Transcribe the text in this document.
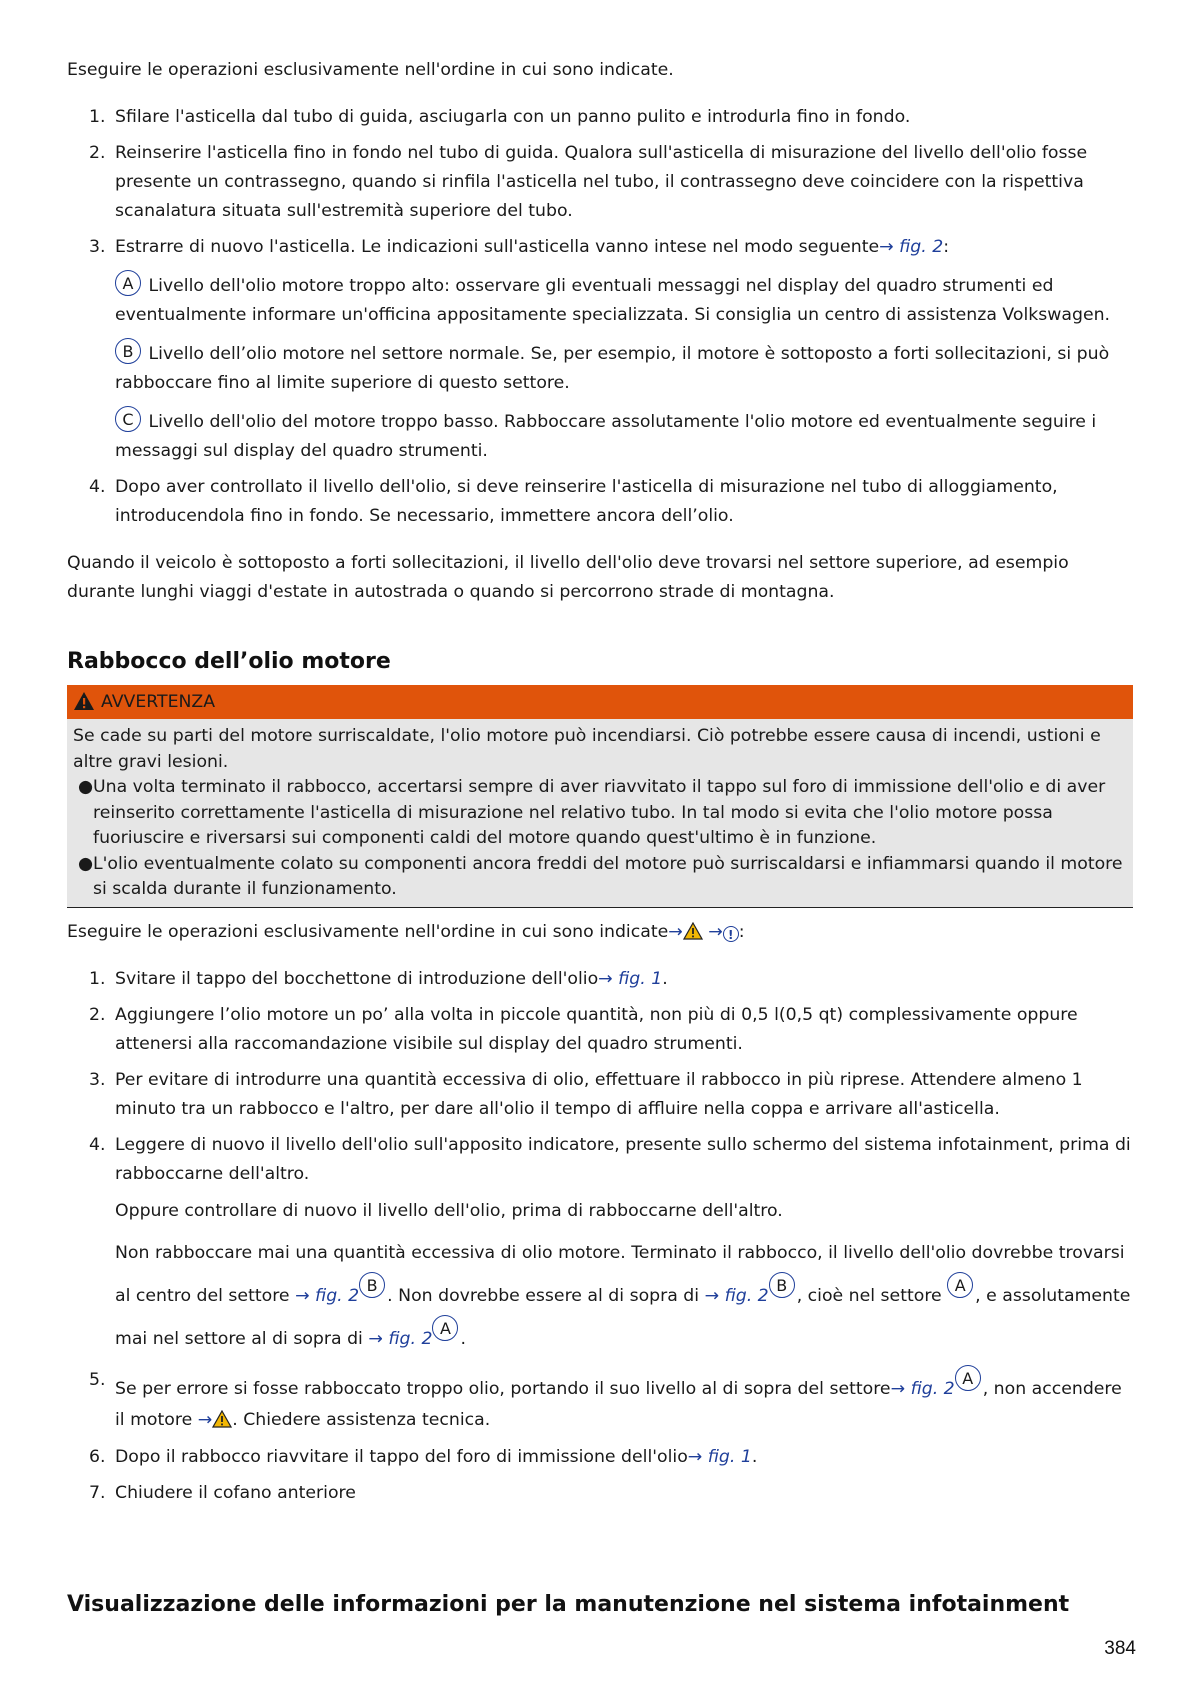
Eseguire le operazioni esclusivamente nell'ordine in cui sono indicate.

1. Sfilare l'asticella dal tubo di guida, asciugarla con un panno pulito e introdurla fino in fondo.
2. Reinserire l'asticella fino in fondo nel tubo di guida. Qualora sull'asticella di misurazione del livello dell'olio fosse presente un contrassegno, quando si rinfila l'asticella nel tubo, il contrassegno deve coincidere con la rispettiva scanalatura situata sull'estremità superiore del tubo.
3. Estrarre di nuovo l'asticella. Le indicazioni sull'asticella vanno intese nel modo seguente→ fig. 2:
A Livello dell'olio motore troppo alto: osservare gli eventuali messaggi nel display del quadro strumenti ed eventualmente informare un'officina appositamente specializzata. Si consiglia un centro di assistenza Volkswagen.
B Livello dell’olio motore nel settore normale. Se, per esempio, il motore è sottoposto a forti sollecitazioni, si può rabboccare fino al limite superiore di questo settore.
C Livello dell'olio del motore troppo basso. Rabboccare assolutamente l'olio motore ed eventualmente seguire i messaggi sul display del quadro strumenti.
4. Dopo aver controllato il livello dell'olio, si deve reinserire l'asticella di misurazione nel tubo di alloggiamento, introducendola fino in fondo. Se necessario, immettere ancora dell’olio.

Quando il veicolo è sottoposto a forti sollecitazioni, il livello dell'olio deve trovarsi nel settore superiore, ad esempio durante lunghi viaggi d'estate in autostrada o quando si percorrono strade di montagna.

Rabbocco dell’olio motore
AVVERTENZA

Se cade su parti del motore surriscaldate, l'olio motore può incendiarsi. Ciò potrebbe essere causa di incendi, ustioni e altre gravi lesioni.

● Una volta terminato il rabbocco, accertarsi sempre di aver riavvitato il tappo sul foro di immissione dell'olio e di aver reinserito correttamente l'asticella di misurazione nel relativo tubo. In tal modo si evita che l'olio motore possa fuoriuscire e riversarsi sui componenti caldi del motore quando quest'ultimo è in funzione.
● L'olio eventualmente colato su componenti ancora freddi del motore può surriscaldarsi e infiammarsi quando il motore si scalda durante il funzionamento.

Eseguire le operazioni esclusivamente nell'ordine in cui sono indicate→ → ! :

1. Svitare il tappo del bocchettone di introduzione dell'olio→ fig. 1.
2. Aggiungere l’olio motore un po’ alla volta in piccole quantità, non più di 0,5 l(0,5 qt) complessivamente oppure attenersi alla raccomandazione visibile sul display del quadro strumenti.
3. Per evitare di introdurre una quantità eccessiva di olio, effettuare il rabbocco in più riprese. Attendere almeno 1 minuto tra un rabbocco e l'altro, per dare all'olio il tempo di affluire nella coppa e arrivare all'asticella.
4. Leggere di nuovo il livello dell'olio sull'apposito indicatore, presente sullo schermo del sistema infotainment, prima di rabboccarne dell'altro.
Oppure controllare di nuovo il livello dell'olio, prima di rabboccarne dell'altro.
Non rabboccare mai una quantità eccessiva di olio motore. Terminato il rabbocco, il livello dell'olio dovrebbe trovarsi al centro del settore → fig. 2B. Non dovrebbe essere al di sopra di → fig. 2B, cioè nel settore A, e assolutamente mai nel settore al di sopra di → fig. 2A.
5. Se per errore si fosse rabboccato troppo olio, portando il suo livello al di sopra del settore→ fig. 2A, non accendere il motore → . Chiedere assistenza tecnica.
6. Dopo il rabbocco riavvitare il tappo del foro di immissione dell'olio→ fig. 1.
7. Chiudere il cofano anteriore
Visualizzazione delle informazioni per la manutenzione nel sistema infotainment
384
